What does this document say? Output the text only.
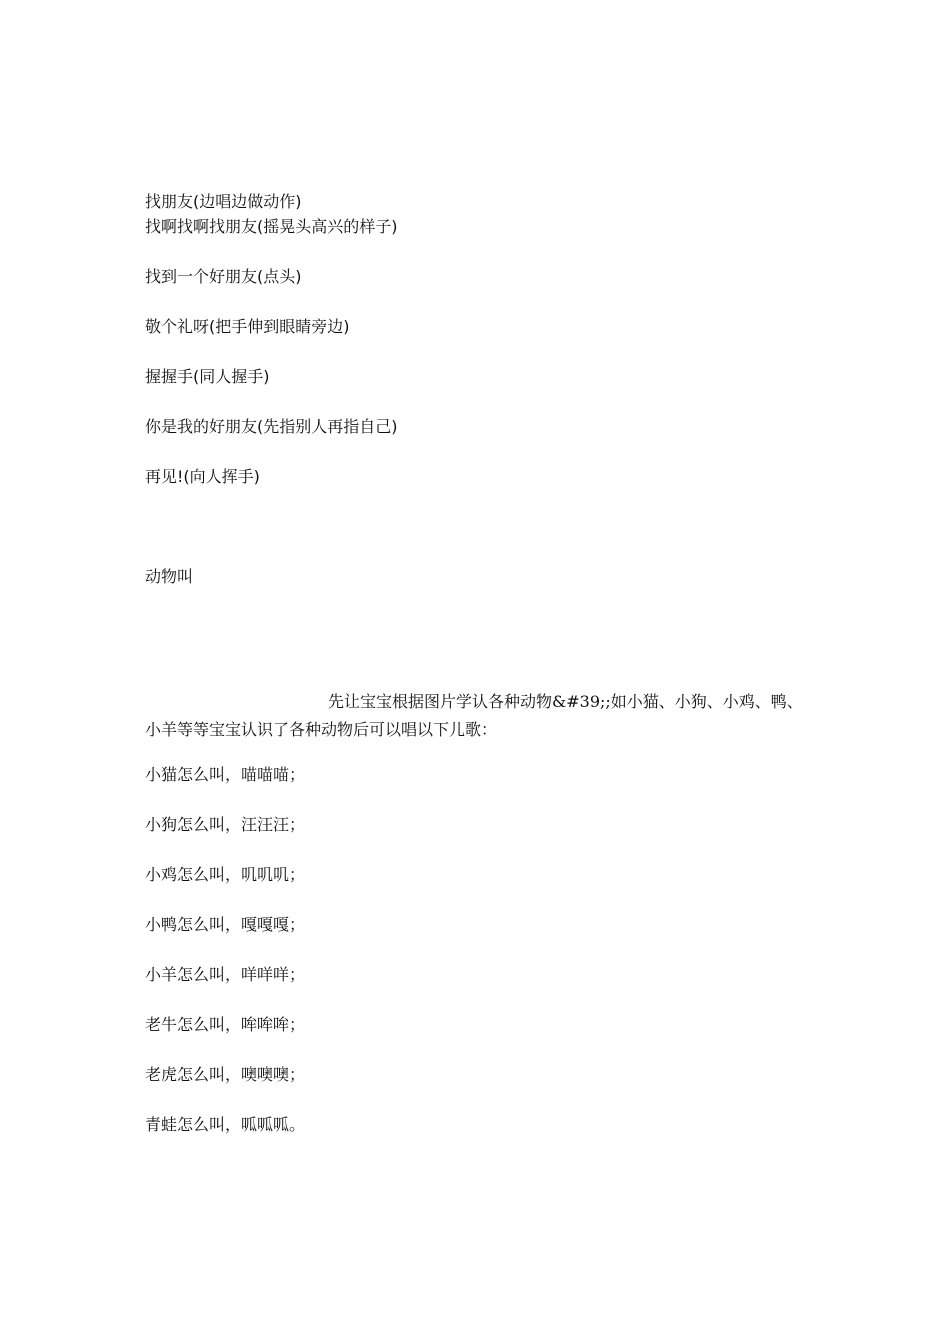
找朋友(边唱边做动作)
找啊找啊找朋友(摇晃头高兴的样子)
找到一个好朋友(点头)
敬个礼呀(把手伸到眼睛旁边)
握握手(同人握手)
你是我的好朋友(先指别人再指自己)
再见!(向人挥手)
动物叫
先让宝宝根据图片学认各种动物&#39;;如小猫、小狗、小鸡、鸭、小羊等等宝宝认识了各种动物后可以唱以下儿歌：
小猫怎么叫，喵喵喵；
小狗怎么叫，汪汪汪；
小鸡怎么叫，叽叽叽；
小鸭怎么叫，嘎嘎嘎；
小羊怎么叫，咩咩咩；
老牛怎么叫，哞哞哞；
老虎怎么叫，噢噢噢；
青蛙怎么叫，呱呱呱。
